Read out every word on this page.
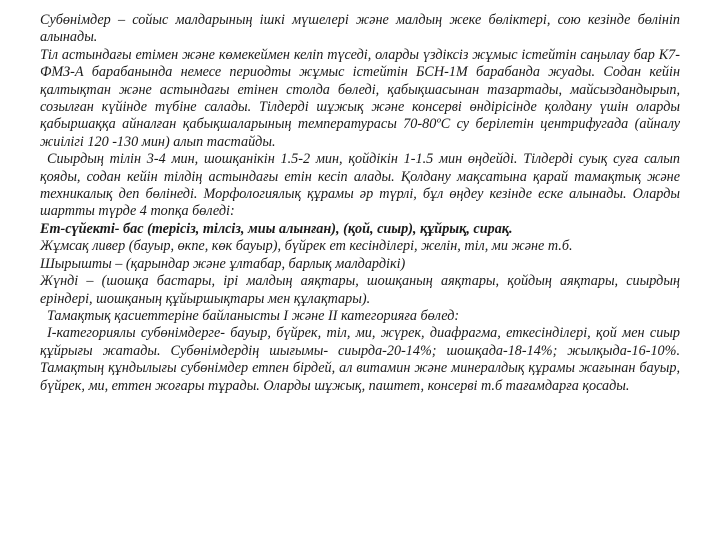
Субөнімдер – сойыс малдарының ішкі мүшелері және малдың жеке бөліктері, сою кезінде бөлініп алынады.

Тіл астындағы етімен және көмекеймен келіп түседі, оларды үздіксіз жұмыс істейтін саңылау бар К7-ФМЗ-А барабанында немесе периодты жұмыс істейтін БСН-1М барабанда жуады. Содан кейін қалтықтан және астындағы етінен столда бөледі, қабықшасынан тазартады, майсыздандырып, созылған күйінде түбіне салады. Тілдерді шұжық және консерві өндірісінде қолдану үшін оларды қабыршаққа айналған қабықшаларының температурасы 70-80ºС су берілетін центрифугада (айналу жиілігі 120 -130 мин) алып тастайды.

Сиырдың тілін 3-4 мин, шошқанікін 1.5-2 мин, қойдікін 1-1.5 мин өңдейді. Тілдерді суық суға салып қояды, содан кейін тілдің астындағы етін кесіп алады. Қолдану мақсатына қарай тамақтық және техникалық деп бөлінеді. Морфологиялық құрамы әр түрлі, бұл өңдеу кезінде еске алынады. Оларды шартты түрде 4 топқа бөледі:

Ет-сүйекті- бас (терісіз, тілсіз, миы алынған), (қой, сиыр), құйрық, сирақ.

Жұмсақ ливер (бауыр, өкпе, көк бауыр), бүйрек ет кесінділері, желін, тіл, ми және т.б.

Шырышты – (қарындар және ұлтабар, барлық малдардікі)

Жүнді – (шошқа бастары, ірі малдың аяқтары, шошқаның аяқтары, қойдың аяқтары, сиырдың еріндері, шошқаның құйыршықтары мен құлақтары).

Тамақтық қасиеттеріне байланысты І және ІІ категорияға бөлед:

І-категориялы субөнімдерге- бауыр, бүйрек, тіл, ми, жүрек, диафрагма, еткесінділері, қой мен сиыр құйрығы жатады. Субөнімдердің шығымы- сиырда-20-14%; шошқада-18-14%; жылқыда-16-10%. Тамақтың құндылығы субөнімдер етпен бірдей, ал витамин және минералдық құрамы жағынан бауыр, бүйрек, ми, еттен жоғары тұрады. Оларды шұжық, паштет, консерві т.б тағамдарға қосады.
